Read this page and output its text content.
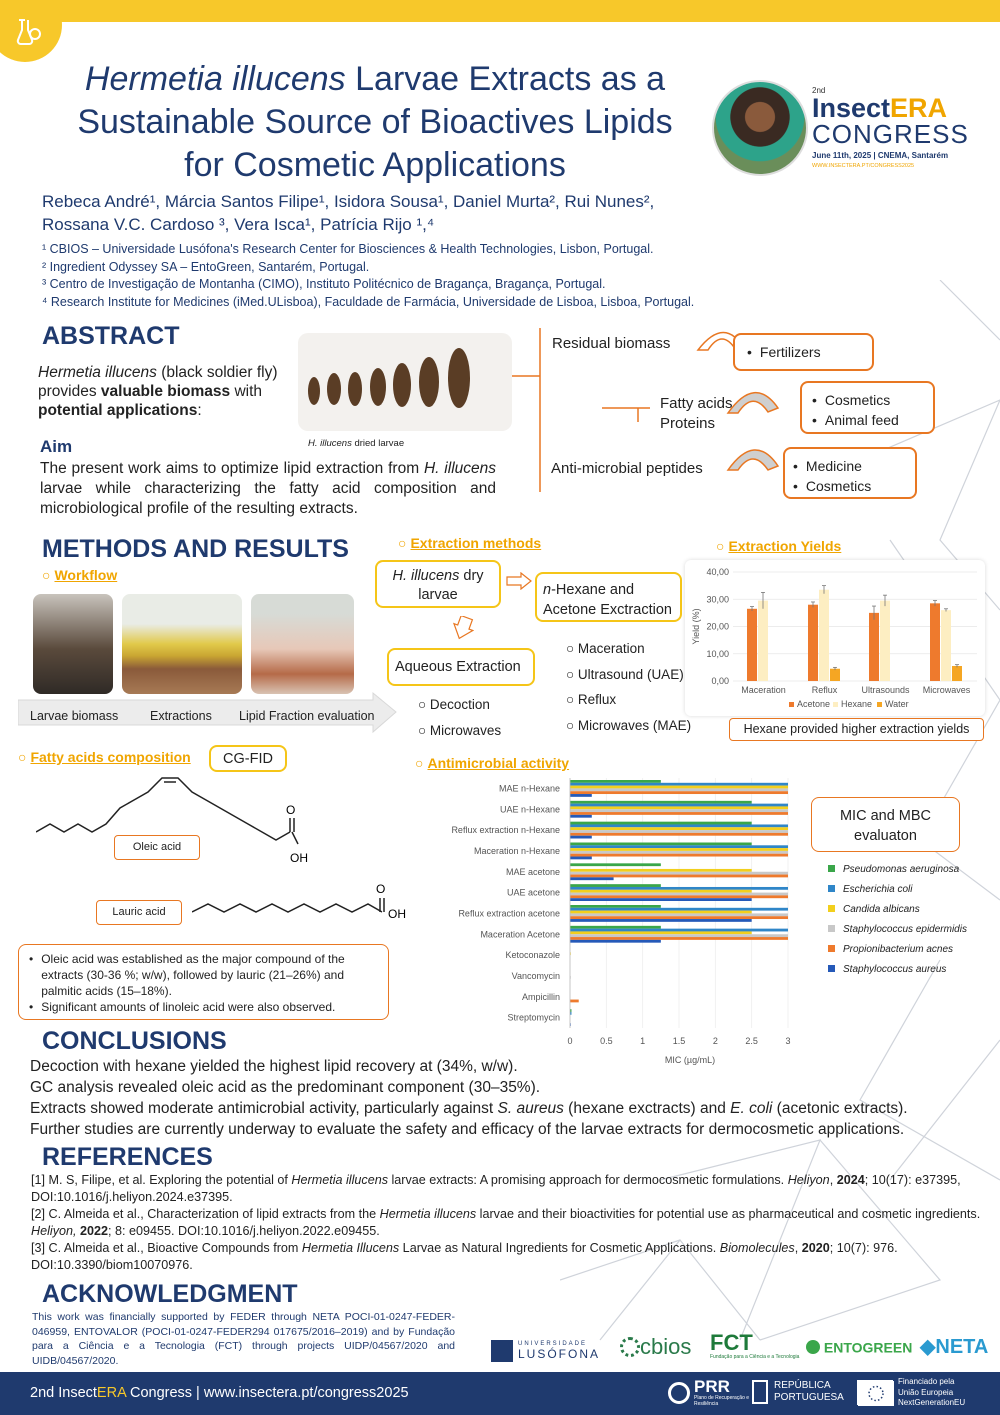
Hermetia illucens Larvae Extracts as a
Sustainable Source of Bioactives Lipids
for Cosmetic Applications
2nd
InsectERA
CONGRESS
June 11th, 2025 | CNEMA, Santarém
WWW.INSECTERA.PT/CONGRESS2025
Rebeca André¹, Márcia Santos Filipe¹, Isidora Sousa¹, Daniel Murta², Rui Nunes²,
Rossana V.C. Cardoso ³, Vera Isca¹, Patrícia Rijo ¹,⁴
¹ CBIOS – Universidade Lusófona's Research Center for Biosciences & Health Technologies, Lisbon, Portugal.
² Ingredient Odyssey SA – EntoGreen, Santarém, Portugal.
³ Centro de Investigação de Montanha (CIMO), Instituto Politécnico de Bragança, Bragança, Portugal.
⁴ Research Institute for Medicines (iMed.ULisboa), Faculdade de Farmácia, Universidade de Lisboa, Lisboa, Portugal.
ABSTRACT
Hermetia illucens (black soldier fly) provides valuable biomass with potential applications:
H. illucens dried larvae
Residual biomass	• Fertilizers
Fatty acids
Proteins
• Cosmetics
• Animal feed
Anti-microbial peptides	• Medicine
• Cosmetics
Aim
The present work aims to optimize lipid extraction from H. illucens larvae while characterizing the fatty acid composition and microbiological profile of the resulting extracts.
METHODS AND RESULTS
○ Workflow
Larvae biomass	Extractions Lipid Fraction evaluation
○ Extraction methods
H. illucens dry larvae	n-Hexane and Acetone Exctraction
Aqueous Extraction
○ Decoction
○ Microwaves
○ Maceration
○ Ultrasound (UAE)
○ Reflux
○ Microwaves (MAE)
○ Extraction Yields
0,00
10,00
20,00
30,00
40,00
Yield (%)
Maceration	Reflux	Ultrasounds Microwaves
Acetone Hexane Water
Hexane provided higher extraction yields
○ Fatty acids composition	CG-FID
O
OH
Oleic acid
Lauric acid
O
OH
• Oleic acid was established as the major compound of the extracts (30-36 %; w/w), followed by lauric (21–26%) and palmitic acids (15–18%).
• Significant amounts of linoleic acid were also observed.
○ Antimicrobial activity
0	0.5	1	1.5	2	2.5	3
MIC (µg/mL)
MAE n-Hexane
UAE n-Hexane
Reflux extraction n-Hexane
Maceration n-Hexane
MAE acetone
UAE acetone
Reflux extraction acetone
Maceration Acetone
Ketoconazole
Vancomycin
Ampicillin
Streptomycin
MIC and MBC evaluaton
Pseudomonas aeruginosa
Escherichia coli
Candida albicans
Staphylococcus epidermidis
Propionibacterium acnes
Staphylococcus aureus
CONCLUSIONS
Decoction with hexane yielded the highest lipid recovery at (34%, w/w).
GC analysis revealed oleic acid as the predominant component (30–35%).
Extracts showed moderate antimicrobial activity, particularly against S. aureus (hexane exctracts) and E. coli (acetonic extracts).
Further studies are currently underway to evaluate the safety and efficacy of the larvae extracts for dermocosmetic applications.
REFERENCES
[1] M. S, Filipe, et al. Exploring the potential of Hermetia illucens larvae extracts: A promising approach for dermocosmetic formulations. Heliyon, 2024; 10(17): e37395, DOI:10.1016/j.heliyon.2024.e37395.
[2] C. Almeida et al., Characterization of lipid extracts from the Hermetia illucens larvae and their bioactivities for potential use as pharmaceutical and cosmetic ingredients. Heliyon, 2022; 8: e09455. DOI:10.1016/j.heliyon.2022.e09455.
[3] C. Almeida et al., Bioactive Compounds from Hermetia Illucens Larvae as Natural Ingredients for Cosmetic Applications. Biomolecules, 2020; 10(7): 976. DOI:10.3390/biom10070976.
ACKNOWLEDGMENT
This work was financially supported by FEDER through NETA POCI-01-0247-FEDER-046959, ENTOVALOR (POCI-01-0247-FEDER294 017675/2016–2019) and by Fundação para a Ciência e a Tecnologia (FCT) through projects UIDP/04567/2020 and UIDB/04567/2020.
UNIVERSIDADE
LUSÓFONA	cbios FCT
Fundação para a Ciência e a Tecnologia
ENTOGREEN ◆NETA
2nd InsectERA Congress | www.insectera.pt/congress2025	PRR
Plano de Recuperação e Resiliência
REPÚBLICA
PORTUGUESA
Financiado pela
União Europeia
NextGenerationEU
